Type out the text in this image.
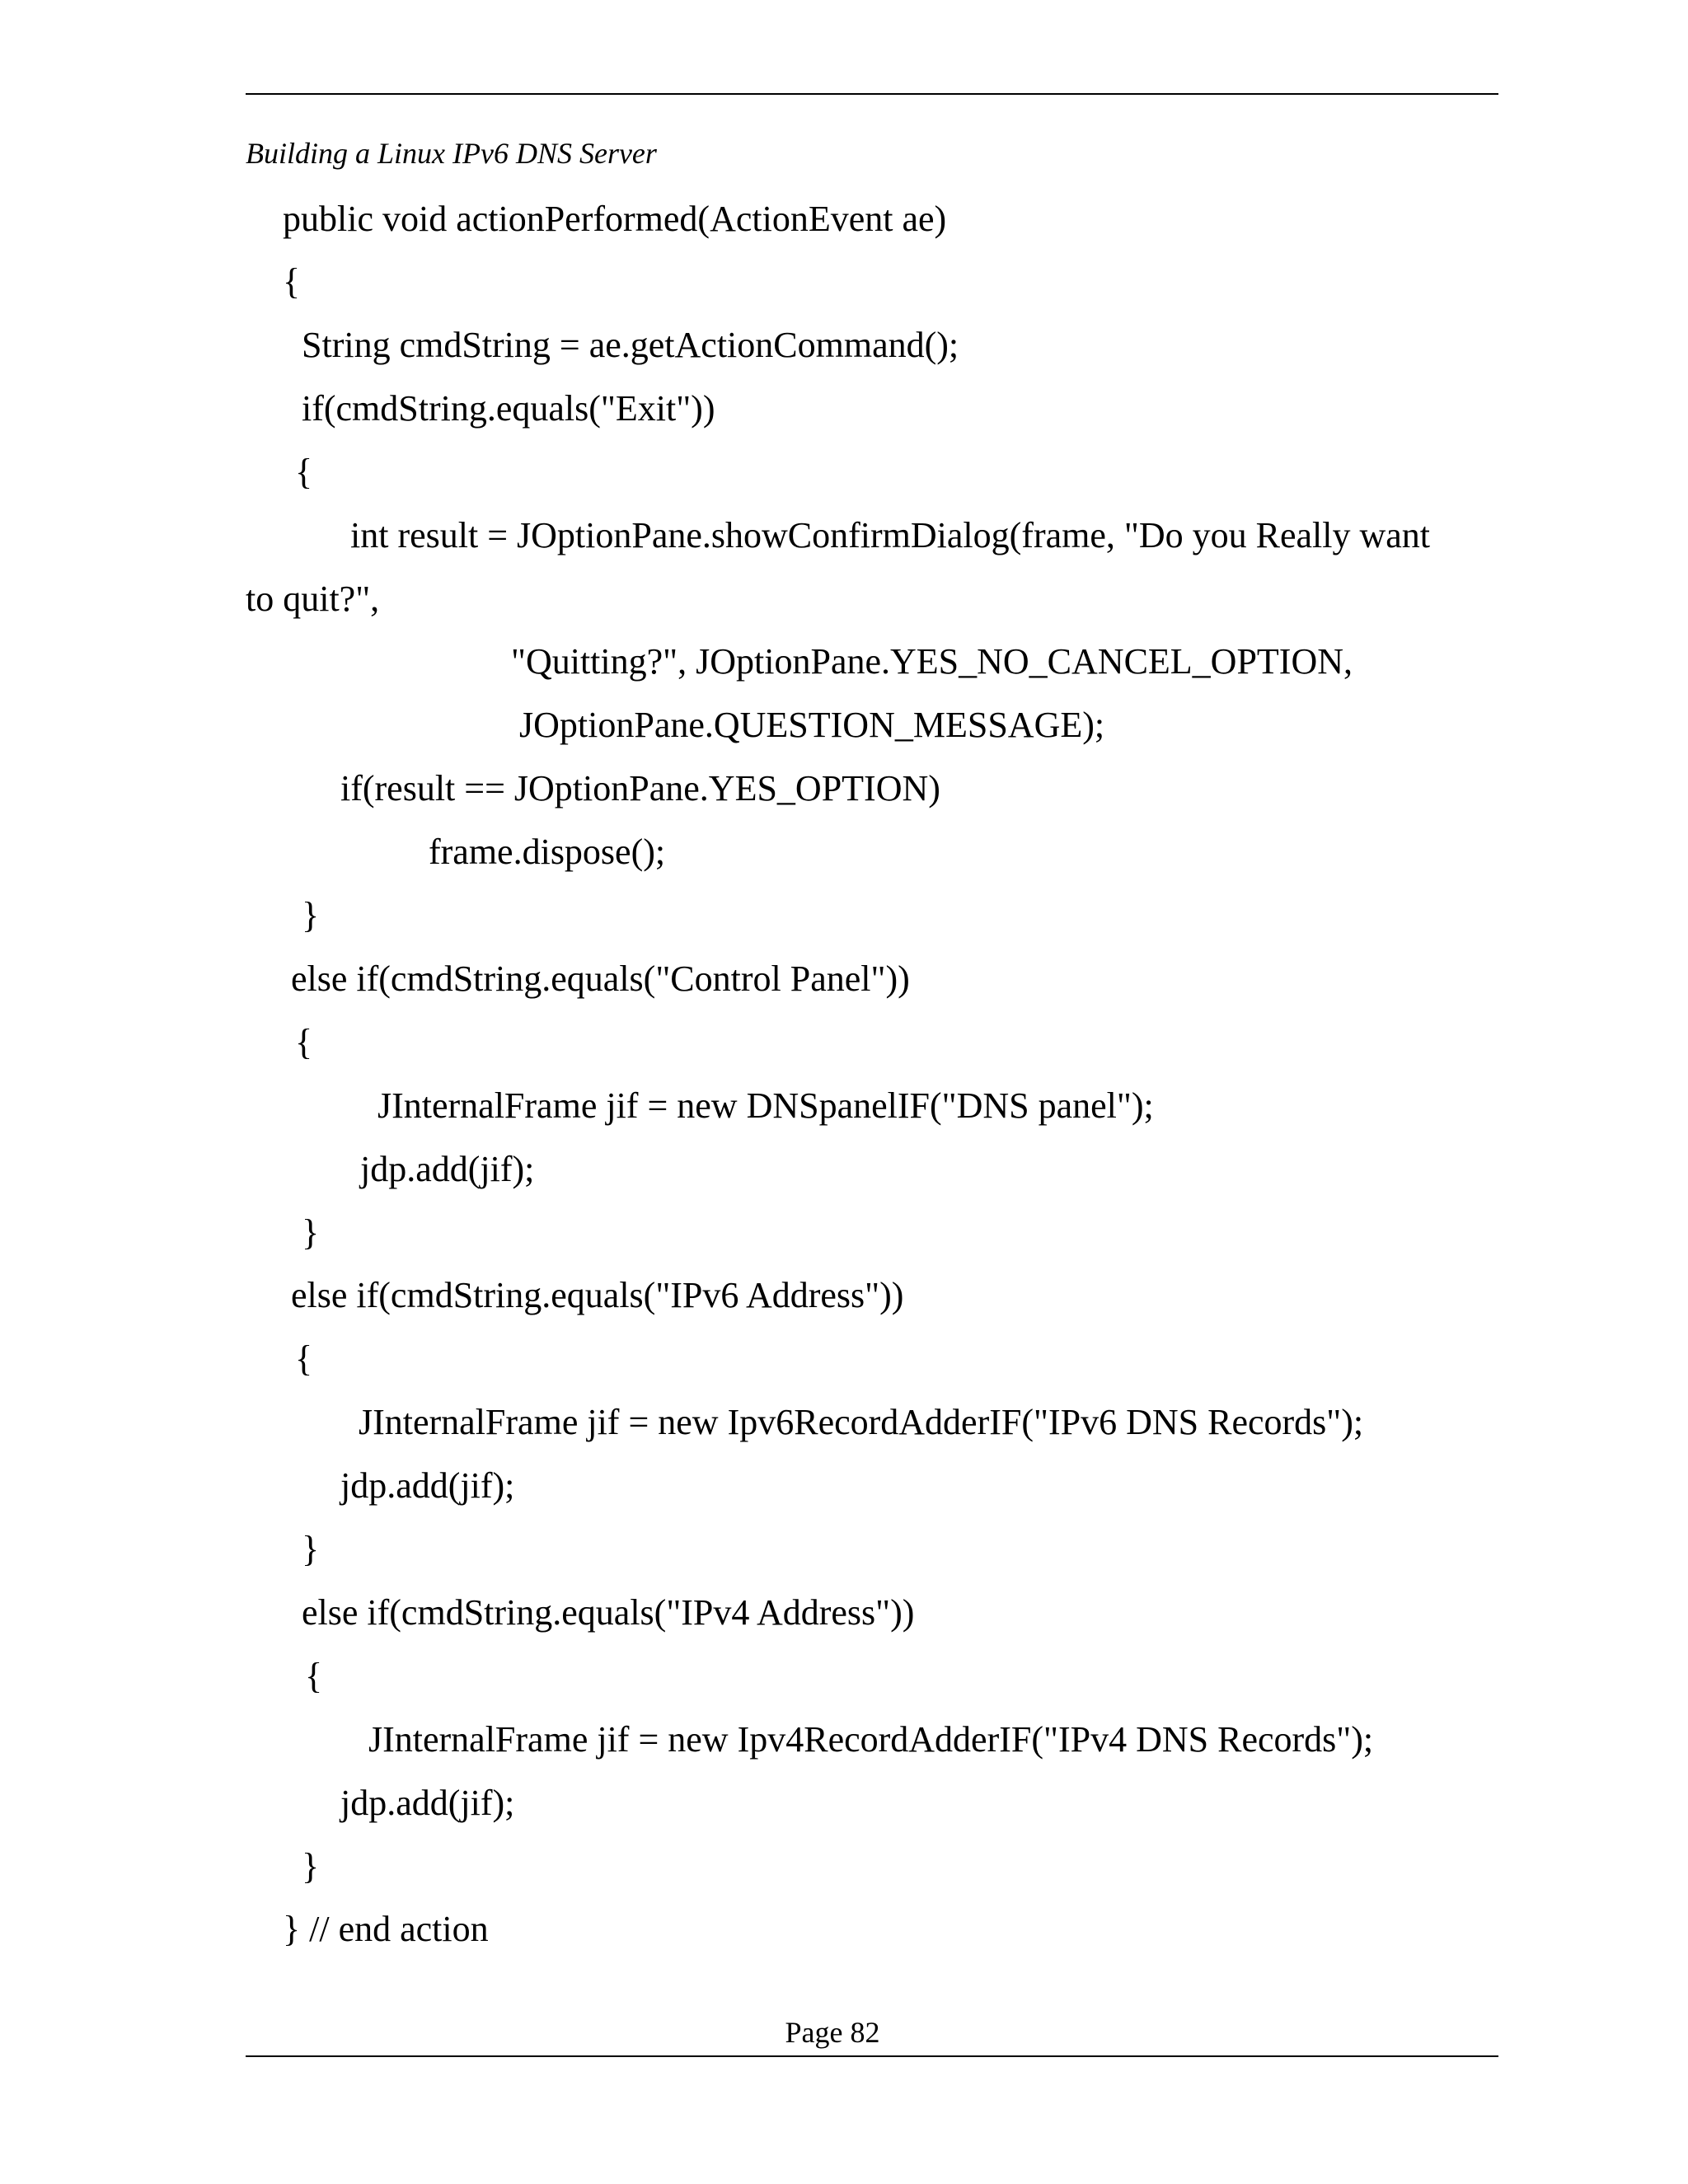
Building a Linux IPv6 DNS Server
public void actionPerformed(ActionEvent ae)
{
String cmdString = ae.getActionCommand();
if(cmdString.equals("Exit"))
{
int result = JOptionPane.showConfirmDialog(frame, "Do you Really want
to quit?",
"Quitting?", JOptionPane.YES_NO_CANCEL_OPTION,
JOptionPane.QUESTION_MESSAGE);
if(result == JOptionPane.YES_OPTION)
frame.dispose();
}
else if(cmdString.equals("Control Panel"))
{
JInternalFrame jif = new DNSpanelIF("DNS panel");
jdp.add(jif);
}
else if(cmdString.equals("IPv6 Address"))
{
JInternalFrame jif = new Ipv6RecordAdderIF("IPv6 DNS Records");
jdp.add(jif);
}
else if(cmdString.equals("IPv4 Address"))
{
JInternalFrame jif = new Ipv4RecordAdderIF("IPv4 DNS Records");
jdp.add(jif);
}
} // end action
Page 82
